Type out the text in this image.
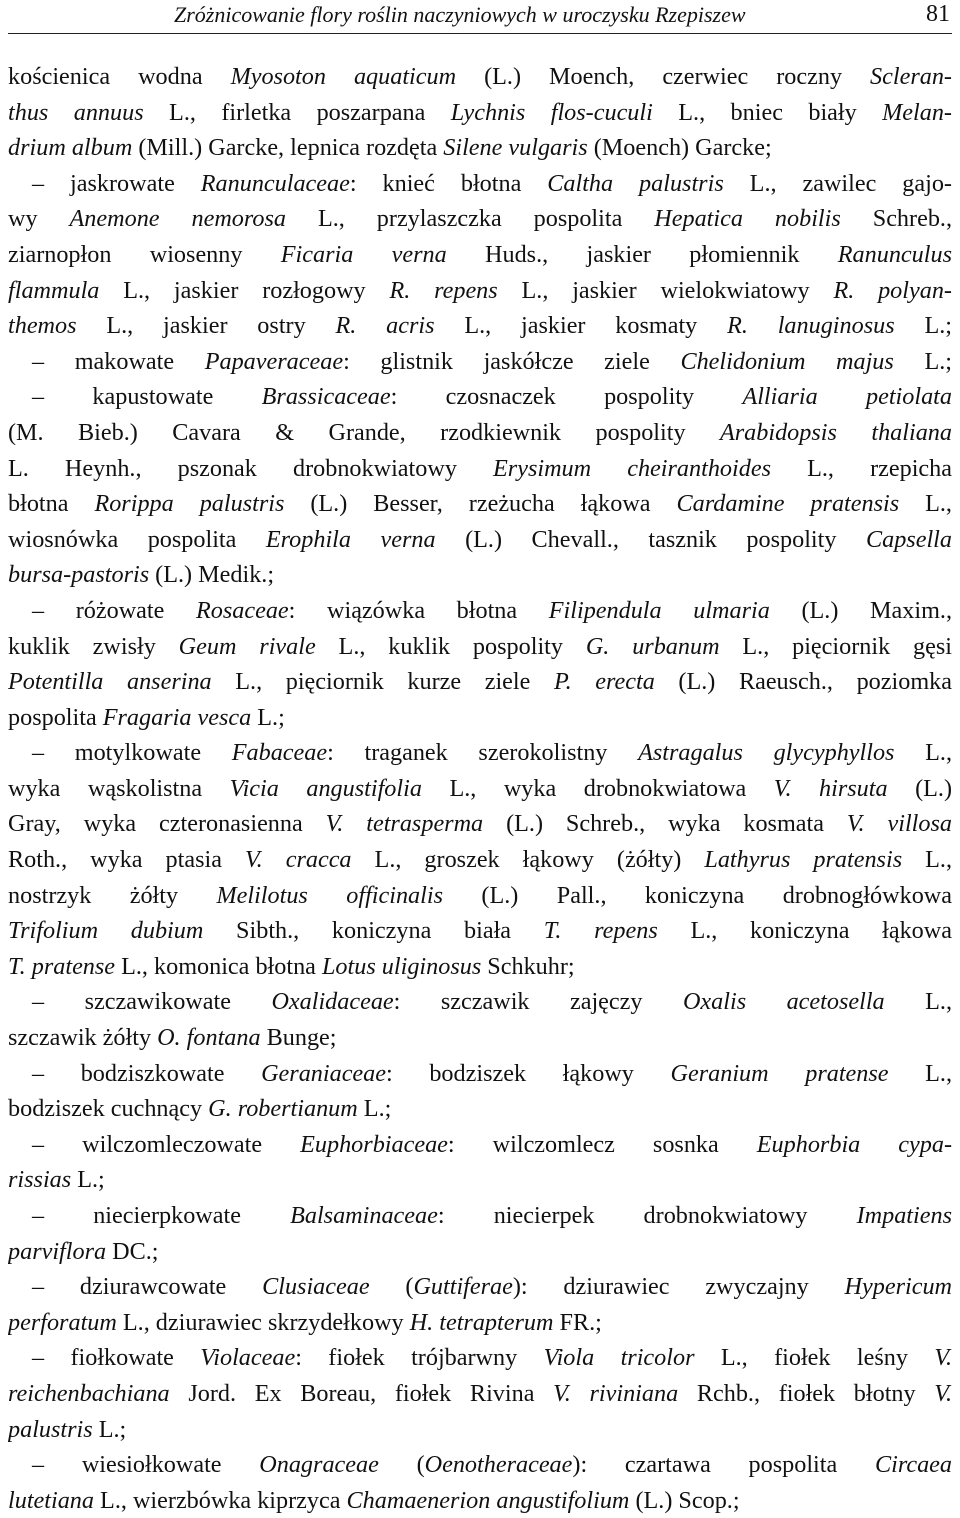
Zróżnicowanie flory roślin naczyniowych w uroczysku Rzepiszew	81
kościenica wodna Myosoton aquaticum (L.) Moench, czerwiec roczny Scleran-
thus annuus L., firletka poszarpana Lychnis flos-cuculi L., bniec biały Melan-
drium album (Mill.) Garcke, lepnica rozdęta Silene vulgaris (Moench) Garcke;
– jaskrowate Ranunculaceae: knieć błotna Caltha palustris L., zawilec gajo-
wy Anemone nemorosa L., przylaszczka pospolita Hepatica nobilis Schreb.,
ziarnopłon wiosenny Ficaria verna Huds., jaskier płomiennik Ranunculus
flammula L., jaskier rozłogowy R. repens L., jaskier wielokwiatowy R. polyan-
themos L., jaskier ostry R. acris L., jaskier kosmaty R. lanuginosus L.;
– makowate Papaveraceae: glistnik jaskółcze ziele Chelidonium majus L.;
– kapustowate Brassicaceae: czosnaczek pospolity Alliaria petiolata
(M. Bieb.) Cavara & Grande, rzodkiewnik pospolity Arabidopsis thaliana
L. Heynh., pszonak drobnokwiatowy Erysimum cheiranthoides L., rzepicha
błotna Rorippa palustris (L.) Besser, rzeżucha łąkowa Cardamine pratensis L.,
wiosnówka pospolita Erophila verna (L.) Chevall., tasznik pospolity Capsella
bursa-pastoris (L.) Medik.;
– różowate Rosaceae: wiązówka błotna Filipendula ulmaria (L.) Maxim.,
kuklik zwisły Geum rivale L., kuklik pospolity G. urbanum L., pięciornik gęsi
Potentilla anserina L., pięciornik kurze ziele P. erecta (L.) Raeusch., poziomka
pospolita Fragaria vesca L.;
– motylkowate Fabaceae: traganek szerokolistny Astragalus glycyphyllos L.,
wyka wąskolistna Vicia angustifolia L., wyka drobnokwiatowa V. hirsuta (L.)
Gray, wyka czteronasienna V. tetrasperma (L.) Schreb., wyka kosmata V. villosa
Roth., wyka ptasia V. cracca L., groszek łąkowy (żółty) Lathyrus pratensis L.,
nostrzyk żółty Melilotus officinalis (L.) Pall., koniczyna drobnogłówkowa
Trifolium dubium Sibth., koniczyna biała T. repens L., koniczyna łąkowa
T. pratense L., komonica błotna Lotus uliginosus Schkuhr;
– szczawikowate Oxalidaceae: szczawik zajęczy Oxalis acetosella L.,
szczawik żółty O. fontana Bunge;
– bodziszkowate Geraniaceae: bodziszek łąkowy Geranium pratense L.,
bodziszek cuchnący G. robertianum L.;
– wilczomleczowate Euphorbiaceae: wilczomlecz sosnka Euphorbia cypa-
rissias L.;
– niecierpkowate Balsaminaceae: niecierpek drobnokwiatowy Impatiens
parviflora DC.;
– dziurawcowate Clusiaceae (Guttiferae): dziurawiec zwyczajny Hypericum
perforatum L., dziurawiec skrzydełkowy H. tetrapterum FR.;
– fiołkowate Violaceae: fiołek trójbarwny Viola tricolor L., fiołek leśny V.
reichenbachiana Jord. Ex Boreau, fiołek Rivina V. riviniana Rchb., fiołek błotny V.
palustris L.;
– wiesiołkowate Onagraceae (Oenotheraceae): czartawa pospolita Circaea
lutetiana L., wierzbówka kiprzyca Chamaenerion angustifolium (L.) Scop.;
